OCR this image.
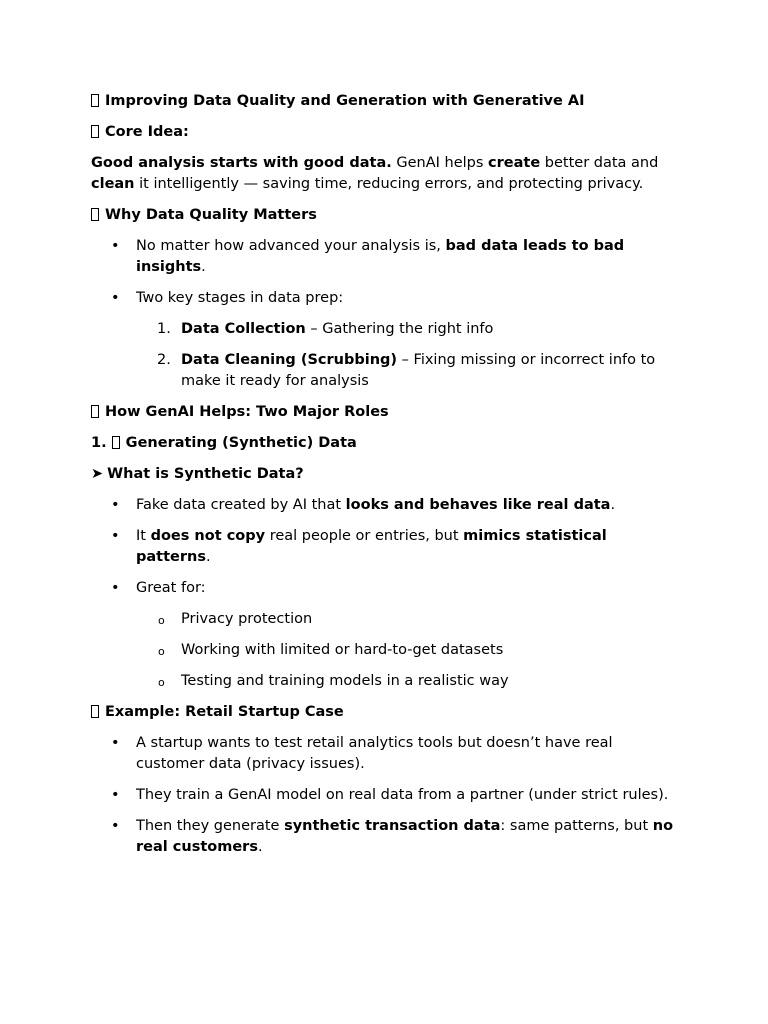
Improving Data Quality and Generation with Generative AI
Core Idea:
Good analysis starts with good data. GenAI helps create better data and clean it intelligently — saving time, reducing errors, and protecting privacy.
Why Data Quality Matters
• No matter how advanced your analysis is, bad data leads to bad insights.
• Two key stages in data prep:
1. Data Collection – Gathering the right info
2. Data Cleaning (Scrubbing) – Fixing missing or incorrect info to make it ready for analysis
How GenAI Helps: Two Major Roles
1. Generating (Synthetic) Data
➤ What is Synthetic Data?
• Fake data created by AI that looks and behaves like real data.
• It does not copy real people or entries, but mimics statistical patterns.
• Great for:
o Privacy protection
o Working with limited or hard-to-get datasets
o Testing and training models in a realistic way
Example: Retail Startup Case
• A startup wants to test retail analytics tools but doesn’t have real customer data (privacy issues).
• They train a GenAI model on real data from a partner (under strict rules).
• Then they generate synthetic transaction data: same patterns, but no real customers.
